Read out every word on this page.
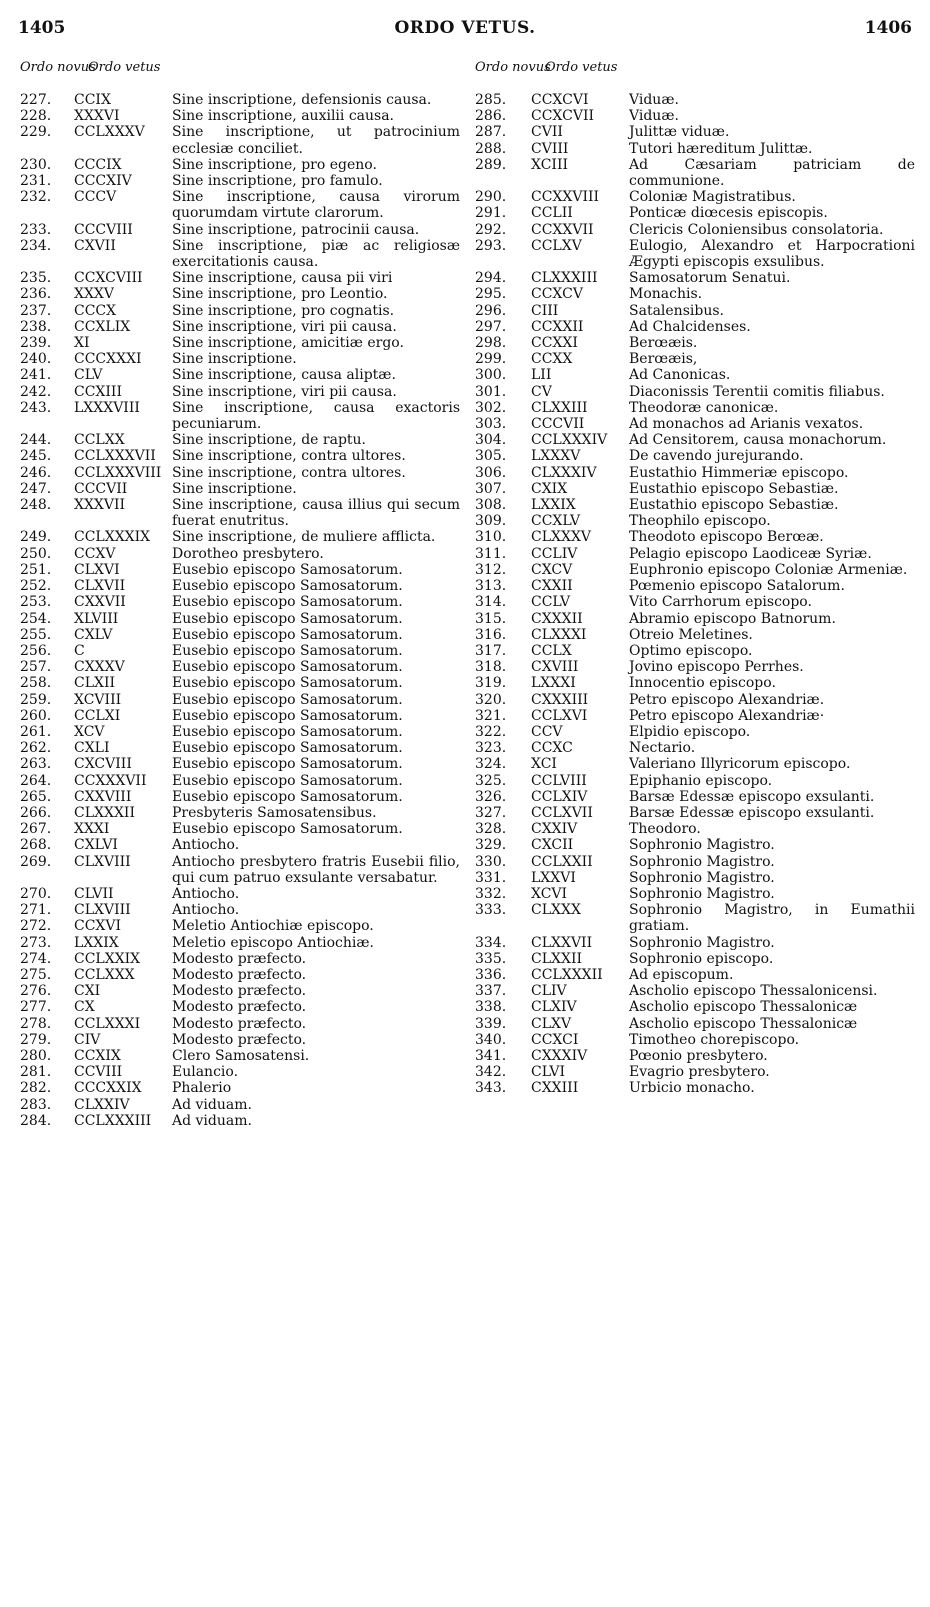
1405	ORDO VETUS.	1406
Ordo novus
Ordo vetus
227. CCIX	Sine inscriptione, defensionis causa.
228. XXXVI	Sine inscriptione, auxilii causa.
229. CCLXXXV Sine inscriptione, ut patrocinium ecclesiæ conciliet.
230. CCCIX	Sine inscriptione, pro egeno.
231. CCCXIV	Sine inscriptione, pro famulo.
232. CCCV	Sine inscriptione, causa virorum quorumdam virtute clarorum.
233. CCCVIII	Sine inscriptione, patrocinii causa.
234. CXVII	Sine inscriptione, piæ ac religiosæ exercitationis causa.
235. CCXCVIII Sine inscriptione, causa pii viri
236. XXXV	Sine inscriptione, pro Leontio.
237. CCCX	Sine inscriptione, pro cognatis.
238. CCXLIX	Sine inscriptione, viri pii causa.
239. XI	Sine inscriptione, amicitiæ ergo.
240. CCCXXXI Sine inscriptione.
241. CLV	Sine inscriptione, causa aliptæ.
242. CCXIII	Sine inscriptione, viri pii causa.
243. LXXXVIII Sine inscriptione, causa exactoris pecuniarum.
244. CCLXX	Sine inscriptione, de raptu.
245. CCLXXXVII Sine inscriptione, contra ultores.
246. CCLXXXVIII Sine inscriptione, contra ultores.
247. CCCVII	Sine inscriptione.
248. XXXVII	Sine inscriptione, causa illius qui secum fuerat enutritus.
249. CCLXXXIX Sine inscriptione, de muliere afflicta.
250. CCXV	Dorotheo presbytero.
251. CLXVI	Eusebio episcopo Samosatorum.
252. CLXVII	Eusebio episcopo Samosatorum.
253. CXXVII	Eusebio episcopo Samosatorum.
254. XLVIII	Eusebio episcopo Samosatorum.
255. CXLV	Eusebio episcopo Samosatorum.
256. C	Eusebio episcopo Samosatorum.
257. CXXXV	Eusebio episcopo Samosatorum.
258. CLXII	Eusebio episcopo Samosatorum.
259. XCVIII	Eusebio episcopo Samosatorum.
260. CCLXI	Eusebio episcopo Samosatorum.
261. XCV	Eusebio episcopo Samosatorum.
262. CXLI	Eusebio episcopo Samosatorum.
263. CXCVIII	Eusebio episcopo Samosatorum.
264. CCXXXVII Eusebio episcopo Samosatorum.
265. CXXVIII	Eusebio episcopo Samosatorum.
266. CLXXXII	Presbyteris Samosatensibus.
267. XXXI	Eusebio episcopo Samosatorum.
268. CXLVI	Antiocho.
269. CLXVIII	Antiocho presbytero fratris Eusebii filio, qui cum patruo exsulante versabatur.
270. CLVII	Antiocho.
271. CLXVIII	Antiocho.
272. CCXVI	Meletio Antiochiæ episcopo.
273. LXXIX	Meletio episcopo Antiochiæ.
274. CCLXXIX Modesto præfecto.
275. CCLXXX	Modesto præfecto.
276. CXI	Modesto præfecto.
277. CX	Modesto præfecto.
278. CCLXXXI Modesto præfecto.
279. CIV	Modesto præfecto.
280. CCXIX	Clero Samosatensi.
281. CCVIII	Eulancio.
282. CCCXXIX Phalerio
283. CLXXIV	Ad viduam.
284. CCLXXXIII Ad viduam.
Ordo novus
Ordo vetus
285. CCXCVI	Viduæ.
286. CCXCVII Viduæ.
287. CVII	Julittæ viduæ.
288. CVIII	Tutori hæreditum Julittæ.
289. XCIII	Ad Cæsariam patriciam de communione.
290. CCXXVIII Coloniæ Magistratibus.
291. CCLII	Ponticæ diœcesis episcopis.
292. CCXXVII	Clericis Coloniensibus consolatoria.
293. CCLXV	Eulogio, Alexandro et Harpocrationi Ægypti episcopis exsulibus.
294. CLXXXIII Samosatorum Senatui.
295. CCXCV	Monachis.
296. CIII	Satalensibus.
297. CCXXII	Ad Chalcidenses.
298. CCXXI	Berœæis.
299. CCXX	Berœæis,
300. LII	Ad Canonicas.
301. CV	Diaconissis Terentii comitis filiabus.
302. CLXXIII	Theodoræ canonicæ.
303. CCCVII	Ad monachos ad Arianis vexatos.
304. CCLXXXIV Ad Censitorem, causa monachorum.
305. LXXXV	De cavendo jurejurando.
306. CLXXXIV Eustathio Himmeriæ episcopo.
307. CXIX	Eustathio episcopo Sebastiæ.
308. LXXIX	Eustathio episcopo Sebastiæ.
309. CCXLV	Theophilo episcopo.
310. CLXXXV	Theodoto episcopo Berœæ.
311. CCLIV	Pelagio episcopo Laodiceæ Syriæ.
312. CXCV	Euphronio episcopo Coloniæ Armeniæ.
313. CXXII	Pœmenio episcopo Satalorum.
314. CCLV	Vito Carrhorum episcopo.
315. CXXXII	Abramio episcopo Batnorum.
316. CLXXXI	Otreio Meletines.
317. CCLX	Optimo episcopo.
318. CXVIII	Jovino episcopo Perrhes.
319. LXXXI	Innocentio episcopo.
320. CXXXIII	Petro episcopo Alexandriæ.
321. CCLXVI	Petro episcopo Alexandriæ·
322. CCV	Elpidio episcopo.
323. CCXC	Nectario.
324. XCI	Valeriano Illyricorum episcopo.
325. CCLVIII	Epiphanio episcopo.
326. CCLXIV	Barsæ Edessæ episcopo exsulanti.
327. CCLXVII	Barsæ Edessæ episcopo exsulanti.
328. CXXIV	Theodoro.
329. CXCII	Sophronio Magistro.
330. CCLXXII	Sophronio Magistro.
331. LXXVI	Sophronio Magistro.
332. XCVI	Sophronio Magistro.
333. CLXXX	Sophronio Magistro, in Eumathii gratiam.
334. CLXXVII	Sophronio Magistro.
335. CLXXII	Sophronio episcopo.
336. CCLXXXII Ad episcopum.
337. CLIV	Ascholio episcopo Thessalonicensi.
338. CLXIV	Ascholio episcopo Thessalonicæ
339. CLXV	Ascholio episcopo Thessalonicæ
340. CCXCI	Timotheo chorepiscopo.
341. CXXXIV	Pœonio presbytero.
342. CLVI	Evagrio presbytero.
343. CXXIII	Urbicio monacho.
